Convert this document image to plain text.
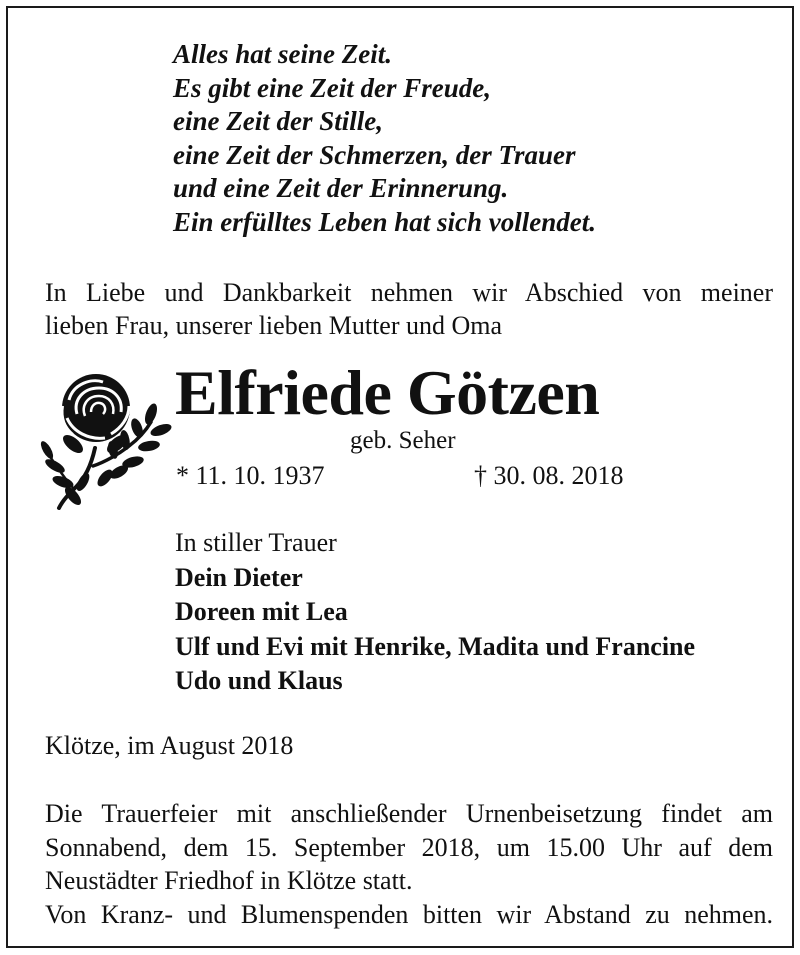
Alles hat seine Zeit.
Es gibt eine Zeit der Freude,
eine Zeit der Stille,
eine Zeit der Schmerzen, der Trauer
und eine Zeit der Erinnerung.
Ein erfülltes Leben hat sich vollendet.
In Liebe und Dankbarkeit nehmen wir Abschied von meiner
lieben Frau, unserer lieben Mutter und Oma
Elfriede Götzen
geb. Seher
* 11. 10. 1937	† 30. 08. 2018
In stiller Trauer
Dein Dieter
Doreen mit Lea
Ulf und Evi mit Henrike, Madita und Francine
Udo und Klaus
Klötze, im August 2018
Die Trauerfeier mit anschließender Urnenbeisetzung findet am
Sonnabend, dem 15. September 2018, um 15.00 Uhr auf dem
Neustädter Friedhof in Klötze statt.
Von Kranz- und Blumenspenden bitten wir Abstand zu nehmen.
